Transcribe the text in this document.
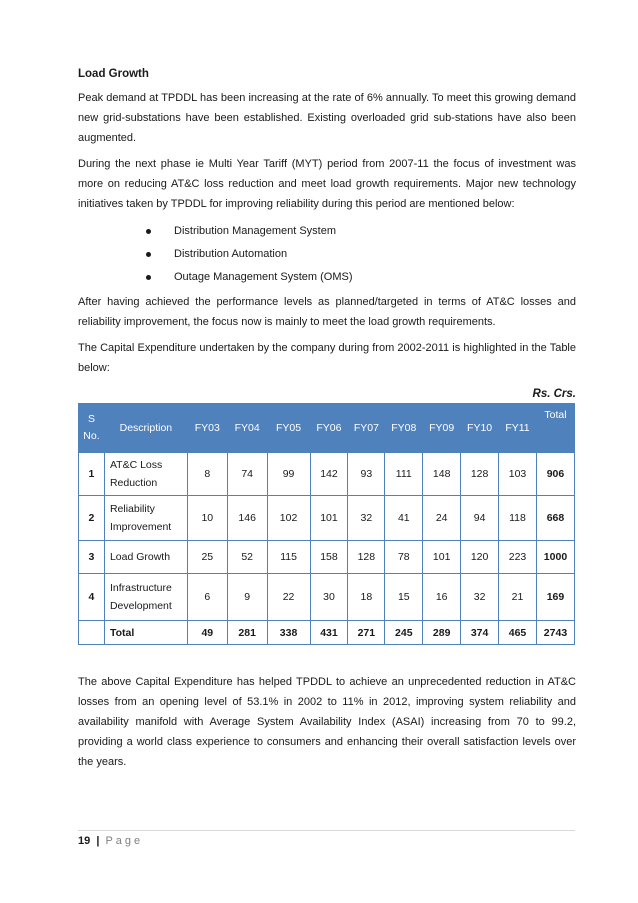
Load Growth

Peak demand at TPDDL has been increasing at the rate of 6% annually. To meet this growing demand new grid-substations have been established. Existing overloaded grid sub-stations have also been augmented.

During the next phase ie Multi Year Tariff (MYT) period from 2007-11 the focus of investment was more on reducing AT&C loss reduction and meet load growth requirements. Major new technology initiatives taken by TPDDL for improving reliability during this period are mentioned below:

Distribution Management System
Distribution Automation
Outage Management System (OMS)

After having achieved the performance levels as planned/targeted in terms of AT&C losses and reliability improvement, the focus now is mainly to meet the load growth requirements.

The Capital Expenditure undertaken by the company during from 2002-2011 is highlighted in the Table below:

Rs. Crs.
S No.	Description	FY03	FY04	FY05	FY06	FY07	FY08	FY09	FY10	FY11	Total
1	AT&C Loss Reduction	8	74	99	142	93	111	148	128	103	906
2	Reliability Improvement	10	146	102	101	32	41	24	94	118	668
3	Load Growth	25	52	115	158	128	78	101	120	223	1000
4	Infrastructure Development	6	9	22	30	18	15	16	32	21	169
	Total	49	281	338	431	271	245	289	374	465	2743

The above Capital Expenditure has helped TPDDL to achieve an unprecedented reduction in AT&C losses from an opening level of 53.1% in 2002 to 11% in 2012, improving system reliability and availability manifold with Average System Availability Index (ASAI) increasing from 70 to 99.2, providing a world class experience to consumers and enhancing their overall satisfaction levels over the years.

19 | Page
